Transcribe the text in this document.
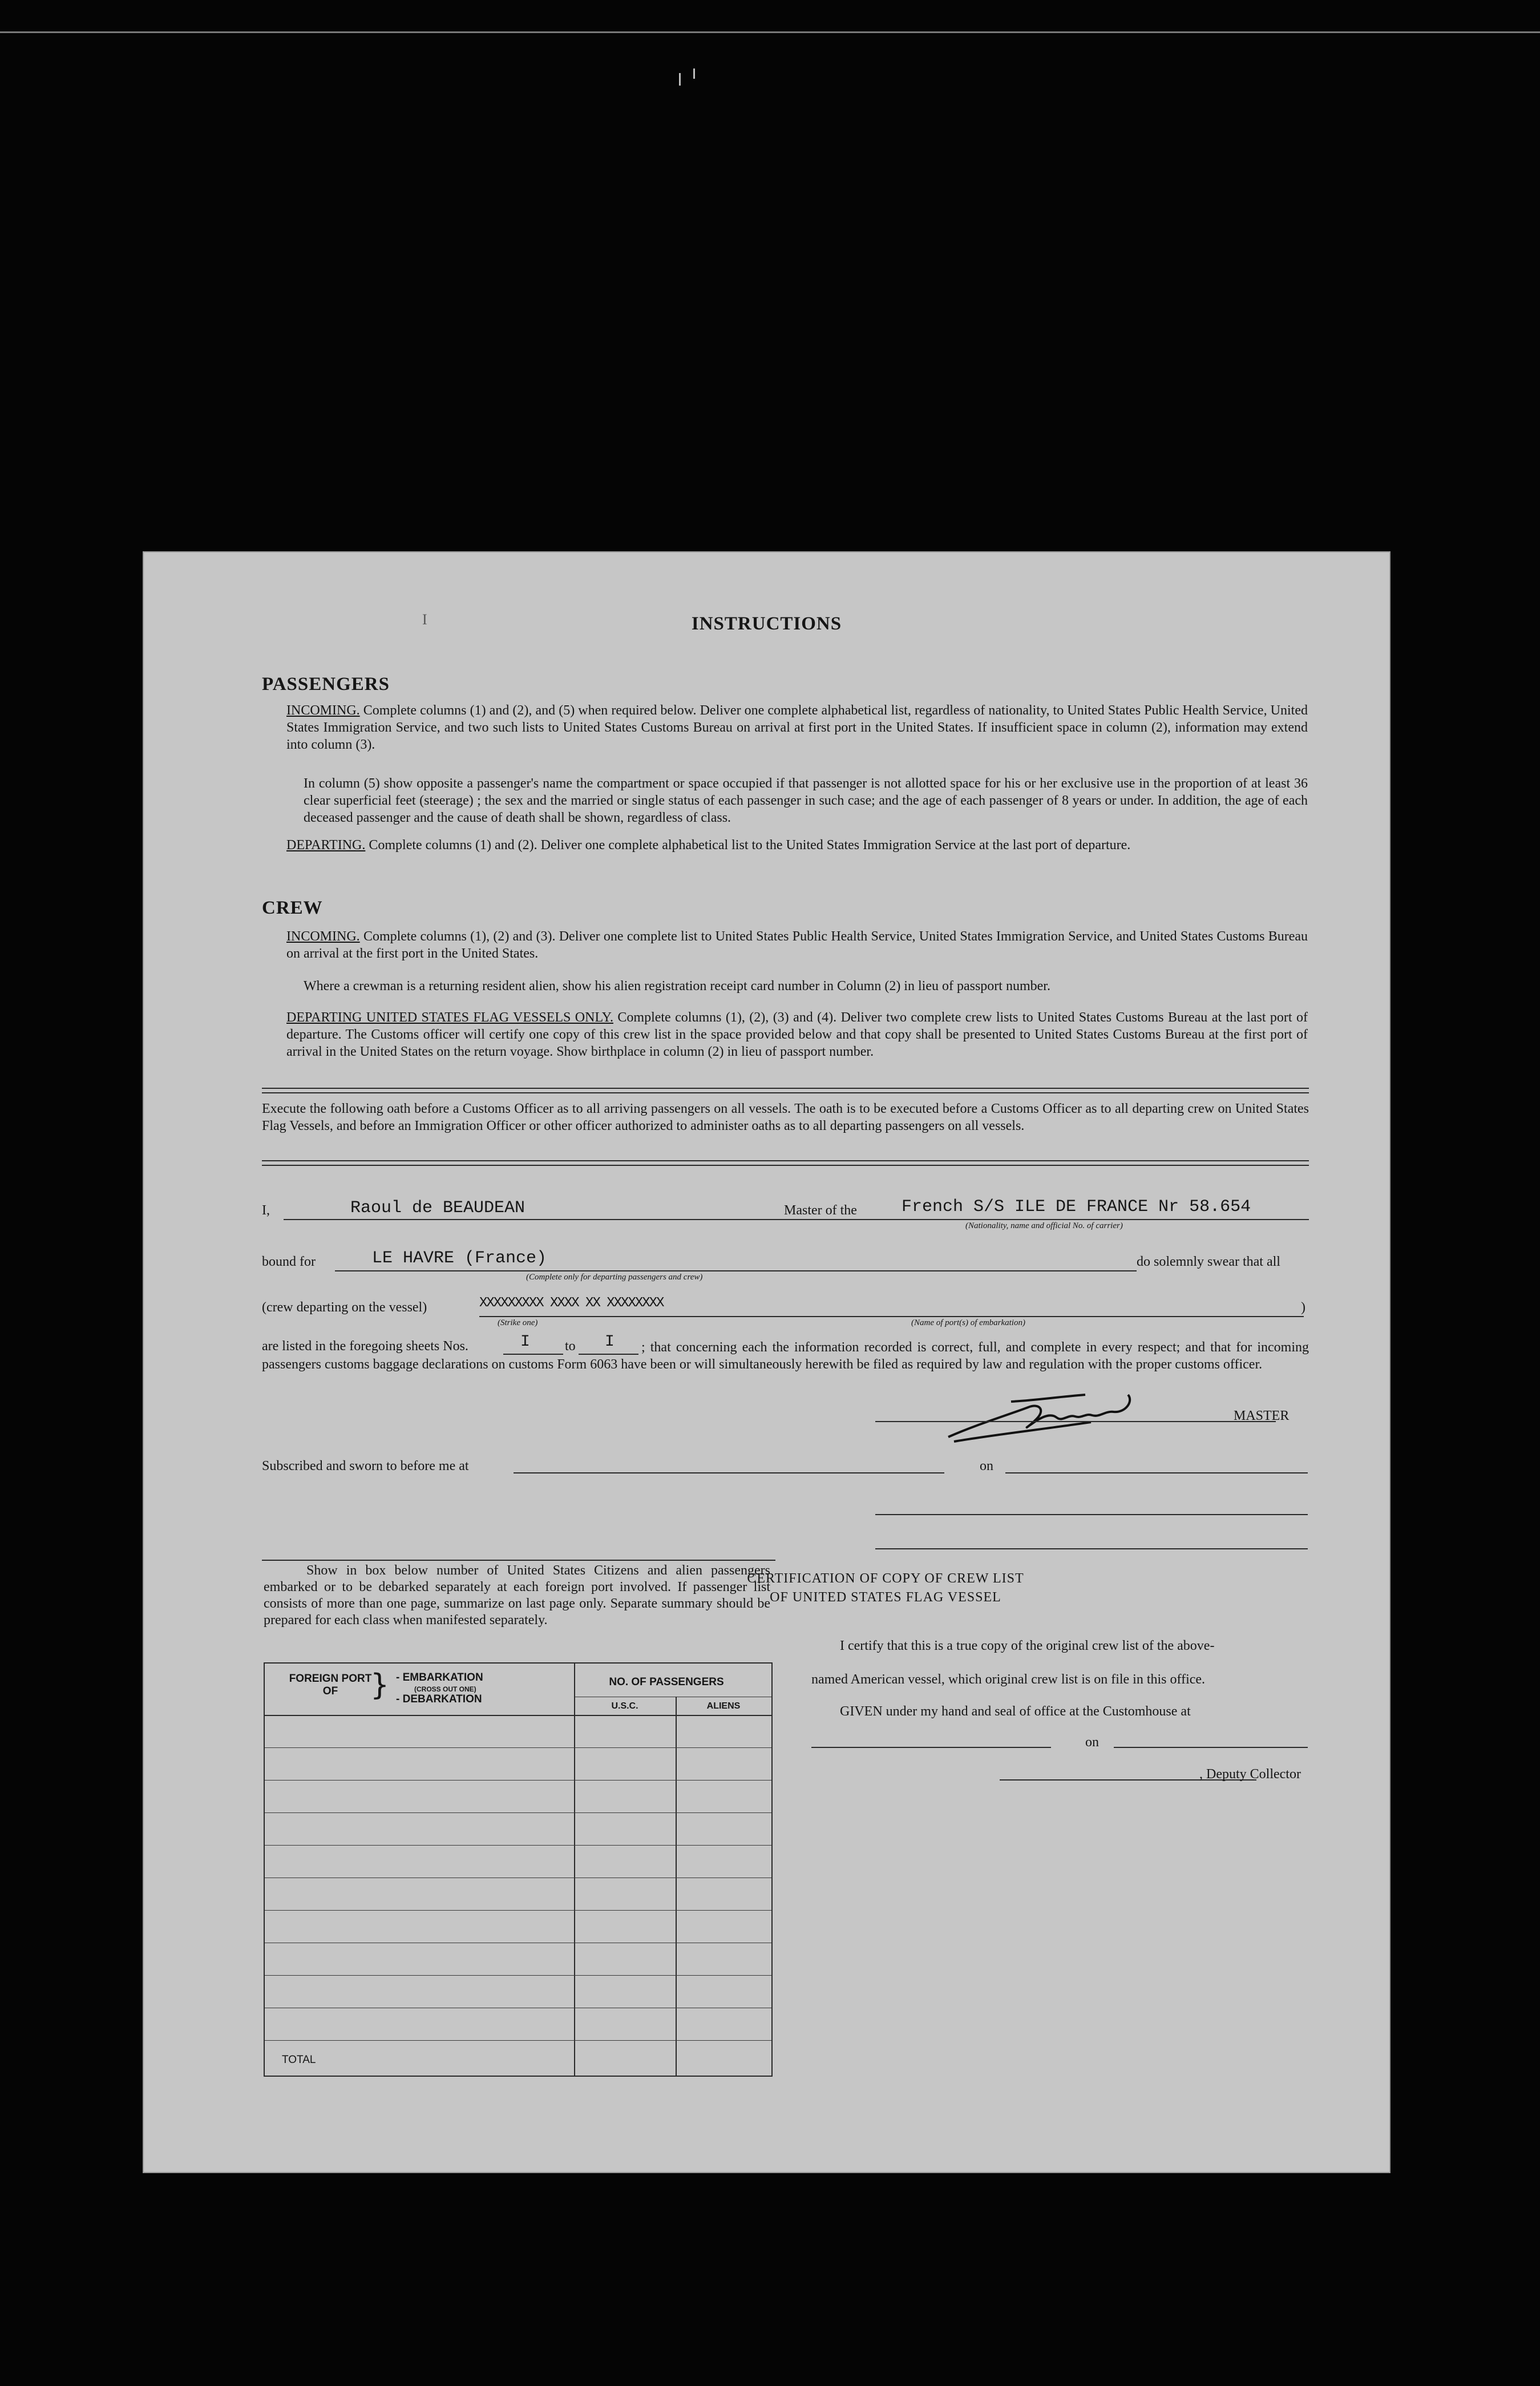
I	INSTRUCTIONS
PASSENGERS
INCOMING. Complete columns (1) and (2), and (5) when required below. Deliver one complete alphabetical list, regardless of nationality, to United States Public Health Service, United States Immigration Service, and two such lists to United States Customs Bureau on arrival at first port in the United States. If insufficient space in column (2), information may extend into column (3).
In column (5) show opposite a passenger's name the compartment or space occupied if that passenger is not allotted space for his or her exclusive use in the proportion of at least 36 clear superficial feet (steerage) ; the sex and the married or single status of each passenger in such case; and the age of each passenger of 8 years or under. In addition, the age of each deceased passenger and the cause of death shall be shown, regardless of class.
DEPARTING. Complete columns (1) and (2). Deliver one complete alphabetical list to the United States Immigration Service at the last port of departure.
CREW
INCOMING. Complete columns (1), (2) and (3). Deliver one complete list to United States Public Health Service, United States Immigration Service, and United States Customs Bureau on arrival at the first port in the United States.
Where a crewman is a returning resident alien, show his alien registration receipt card number in Column (2) in lieu of passport number.
DEPARTING UNITED STATES FLAG VESSELS ONLY. Complete columns (1), (2), (3) and (4). Deliver two complete crew lists to United States Customs Bureau at the last port of departure. The Customs officer will certify one copy of this crew list in the space provided below and that copy shall be presented to United States Customs Bureau at the first port of arrival in the United States on the return voyage. Show birthplace in column (2) in lieu of passport number.
Execute the following oath before a Customs Officer as to all arriving passengers on all vessels. The oath is to be executed before a Customs Officer as to all departing crew on United States Flag Vessels, and before an Immigration Officer or other officer authorized to administer oaths as to all departing passengers on all vessels.
I,	Raoul de BEAUDEAN	Master of the	French S/S ILE DE FRANCE Nr 58.654
(Nationality, name and official No. of carrier)
bound for	LE HAVRE (France)
(Complete only for departing passengers and crew)
do solemnly swear that all
(crew departing on the vessel)	XXXXXXXXX XXXX XX XXXXXXXX
(Strike one)	(Name of port(s) of embarkation)
)
are listed in the foregoing sheets Nos.	I	to I	; that concerning each the information recorded is correct, full, and complete in every respect; and that for incoming passengers customs baggage declarations on customs Form 6063 have been or will simultaneously herewith be filed as required by law and regulation with the proper customs officer.
MASTER
Subscribed and sworn to before me at	on
Show in box below number of United States Citizens and alien passengers embarked or to be debarked separately at each foreign port involved. If passenger list consists of more than one page, summarize on last page only. Separate summary should be prepared for each class when manifested separately.
FOREIGN PORT OF	} - EMBARKATION
(CROSS OUT ONE)
- DEBARKATION
NO. OF PASSENGERS
U.S.C.	ALIENS
TOTAL
CERTIFICATION OF COPY OF CREW LIST
OF UNITED STATES FLAG VESSEL
I certify that this is a true copy of the original crew list of the above-
named American vessel, which original crew list is on file in this office.
GIVEN under my hand and seal of office at the Customhouse at
on
, Deputy Collector
